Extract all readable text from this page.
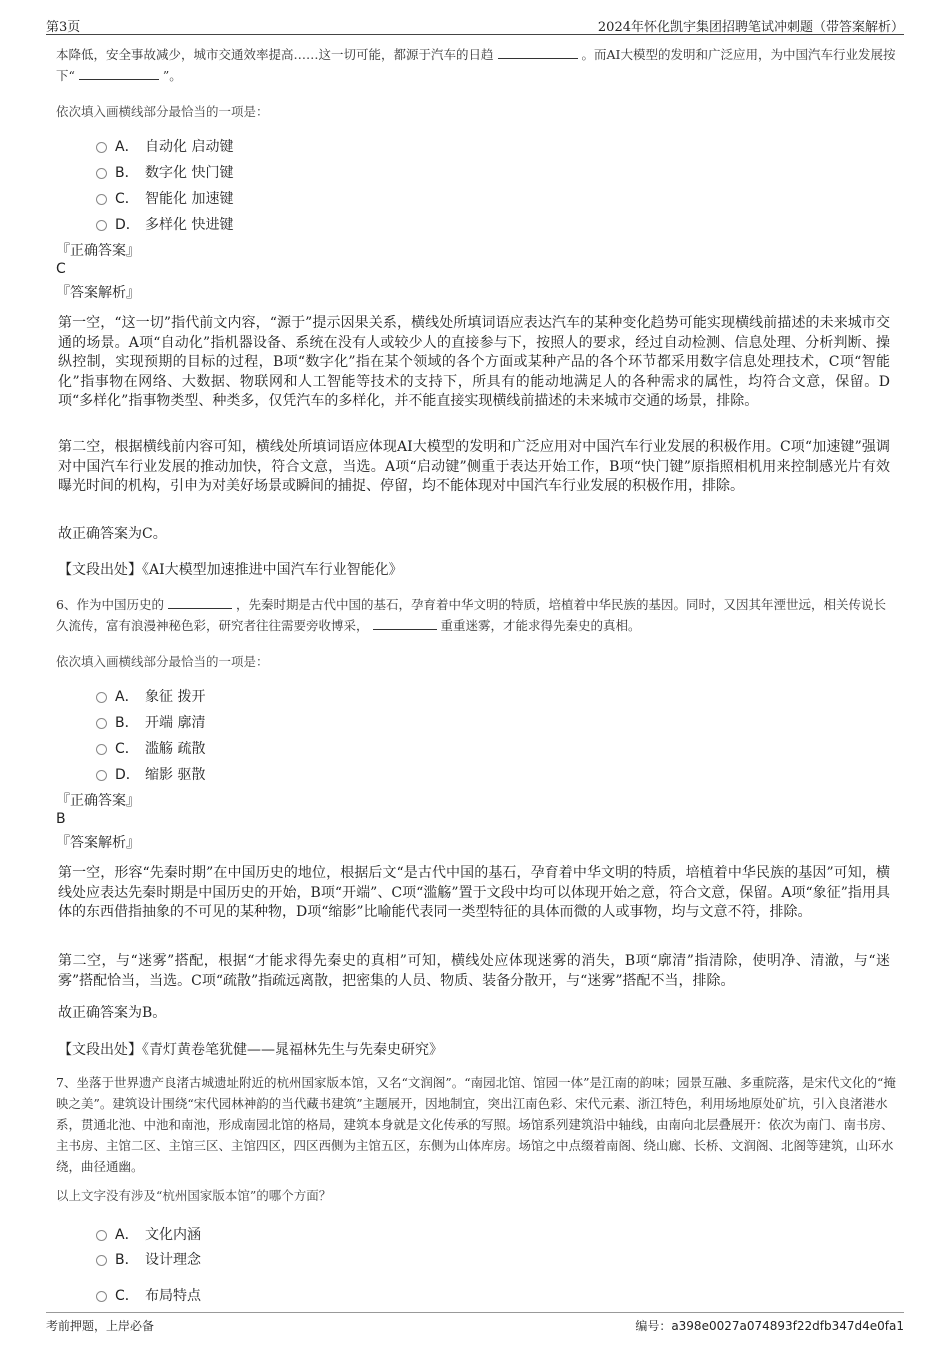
第3页	2024年怀化凯宇集团招聘笔试冲刺题（带答案解析）
本降低，安全事故减少，城市交通效率提高……这一切可能，都源于汽车的日趋	。而AI大模型的发明和广泛应用，为中国汽车行业发展按下“	”。
依次填入画横线部分最恰当的一项是：
A． 自动化 启动键
B． 数字化 快门键
C． 智能化 加速键
D． 多样化 快进键
『正确答案』
C
『答案解析』
第一空，“这一切”指代前文内容，“源于”提示因果关系，横线处所填词语应表达汽车的某种变化趋势可能实现横线前描述的未来城市交通的场景。A项“自动化”指机器设备、系统在没有人或较少人的直接参与下，按照人的要求，经过自动检测、信息处理、分析判断、操纵控制，实现预期的目标的过程，B项“数字化”指在某个领域的各个方面或某种产品的各个环节都采用数字信息处理技术，C项“智能化”指事物在网络、大数据、物联网和人工智能等技术的支持下，所具有的能动地满足人的各种需求的属性，均符合文意，保留。D项“多样化”指事物类型、种类多，仅凭汽车的多样化，并不能直接实现横线前描述的未来城市交通的场景，排除。
第二空，根据横线前内容可知，横线处所填词语应体现AI大模型的发明和广泛应用对中国汽车行业发展的积极作用。C项“加速键”强调对中国汽车行业发展的推动加快，符合文意，当选。A项“启动键”侧重于表达开始工作，B项“快门键”原指照相机用来控制感光片有效曝光时间的机构，引申为对美好场景或瞬间的捕捉、停留，均不能体现对中国汽车行业发展的积极作用，排除。
故正确答案为C。
【文段出处】《AI大模型加速推进中国汽车行业智能化》
6、作为中国历史的	，先秦时期是古代中国的基石，孕育着中华文明的特质，培植着中华民族的基因。同时，又因其年湮世远，相关传说长久流传，富有浪漫神秘色彩，研究者往往需要旁收博采，	重重迷雾，才能求得先秦史的真相。
依次填入画横线部分最恰当的一项是：
A． 象征 拨开
B． 开端 廓清
C． 滥觞 疏散
D． 缩影 驱散
『正确答案』
B
『答案解析』
第一空，形容“先秦时期”在中国历史的地位，根据后文“是古代中国的基石，孕育着中华文明的特质，培植着中华民族的基因”可知，横线处应表达先秦时期是中国历史的开始，B项“开端”、C项“滥觞”置于文段中均可以体现开始之意，符合文意，保留。A项“象征”指用具体的东西借指抽象的不可见的某种物，D项“缩影”比喻能代表同一类型特征的具体而微的人或事物，均与文意不符，排除。
第二空，与“迷雾”搭配，根据“才能求得先秦史的真相”可知，横线处应体现迷雾的消失，B项“廓清”指清除，使明净、清澈，与“迷雾”搭配恰当，当选。C项“疏散”指疏远离散，把密集的人员、物质、装备分散开，与“迷雾”搭配不当，排除。
故正确答案为B。
【文段出处】《青灯黄卷笔犹健——晁福林先生与先秦史研究》
7、坐落于世界遗产良渚古城遗址附近的杭州国家版本馆，又名“文润阁”。“南园北馆、馆园一体”是江南的韵味；园景互融、多重院落，是宋代文化的“掩映之美”。建筑设计围绕“宋代园林神韵的当代藏书建筑”主题展开，因地制宜，突出江南色彩、宋代元素、浙江特色，利用场地原处矿坑，引入良渚港水系，贯通北池、中池和南池，形成南园北馆的格局，建筑本身就是文化传承的写照。场馆系列建筑沿中轴线，由南向北层叠展开：依次为南门、南书房、主书房、主馆二区、主馆三区、主馆四区，四区西侧为主馆五区，东侧为山体库房。场馆之中点缀着南阁、绕山廊、长桥、文润阁、北阁等建筑，山环水绕，曲径通幽。
以上文字没有涉及“杭州国家版本馆”的哪个方面？
A． 文化内涵
B． 设计理念
C． 布局特点
考前押题，上岸必备	编号：a398e0027a074893f22dfb347d4e0fa1
